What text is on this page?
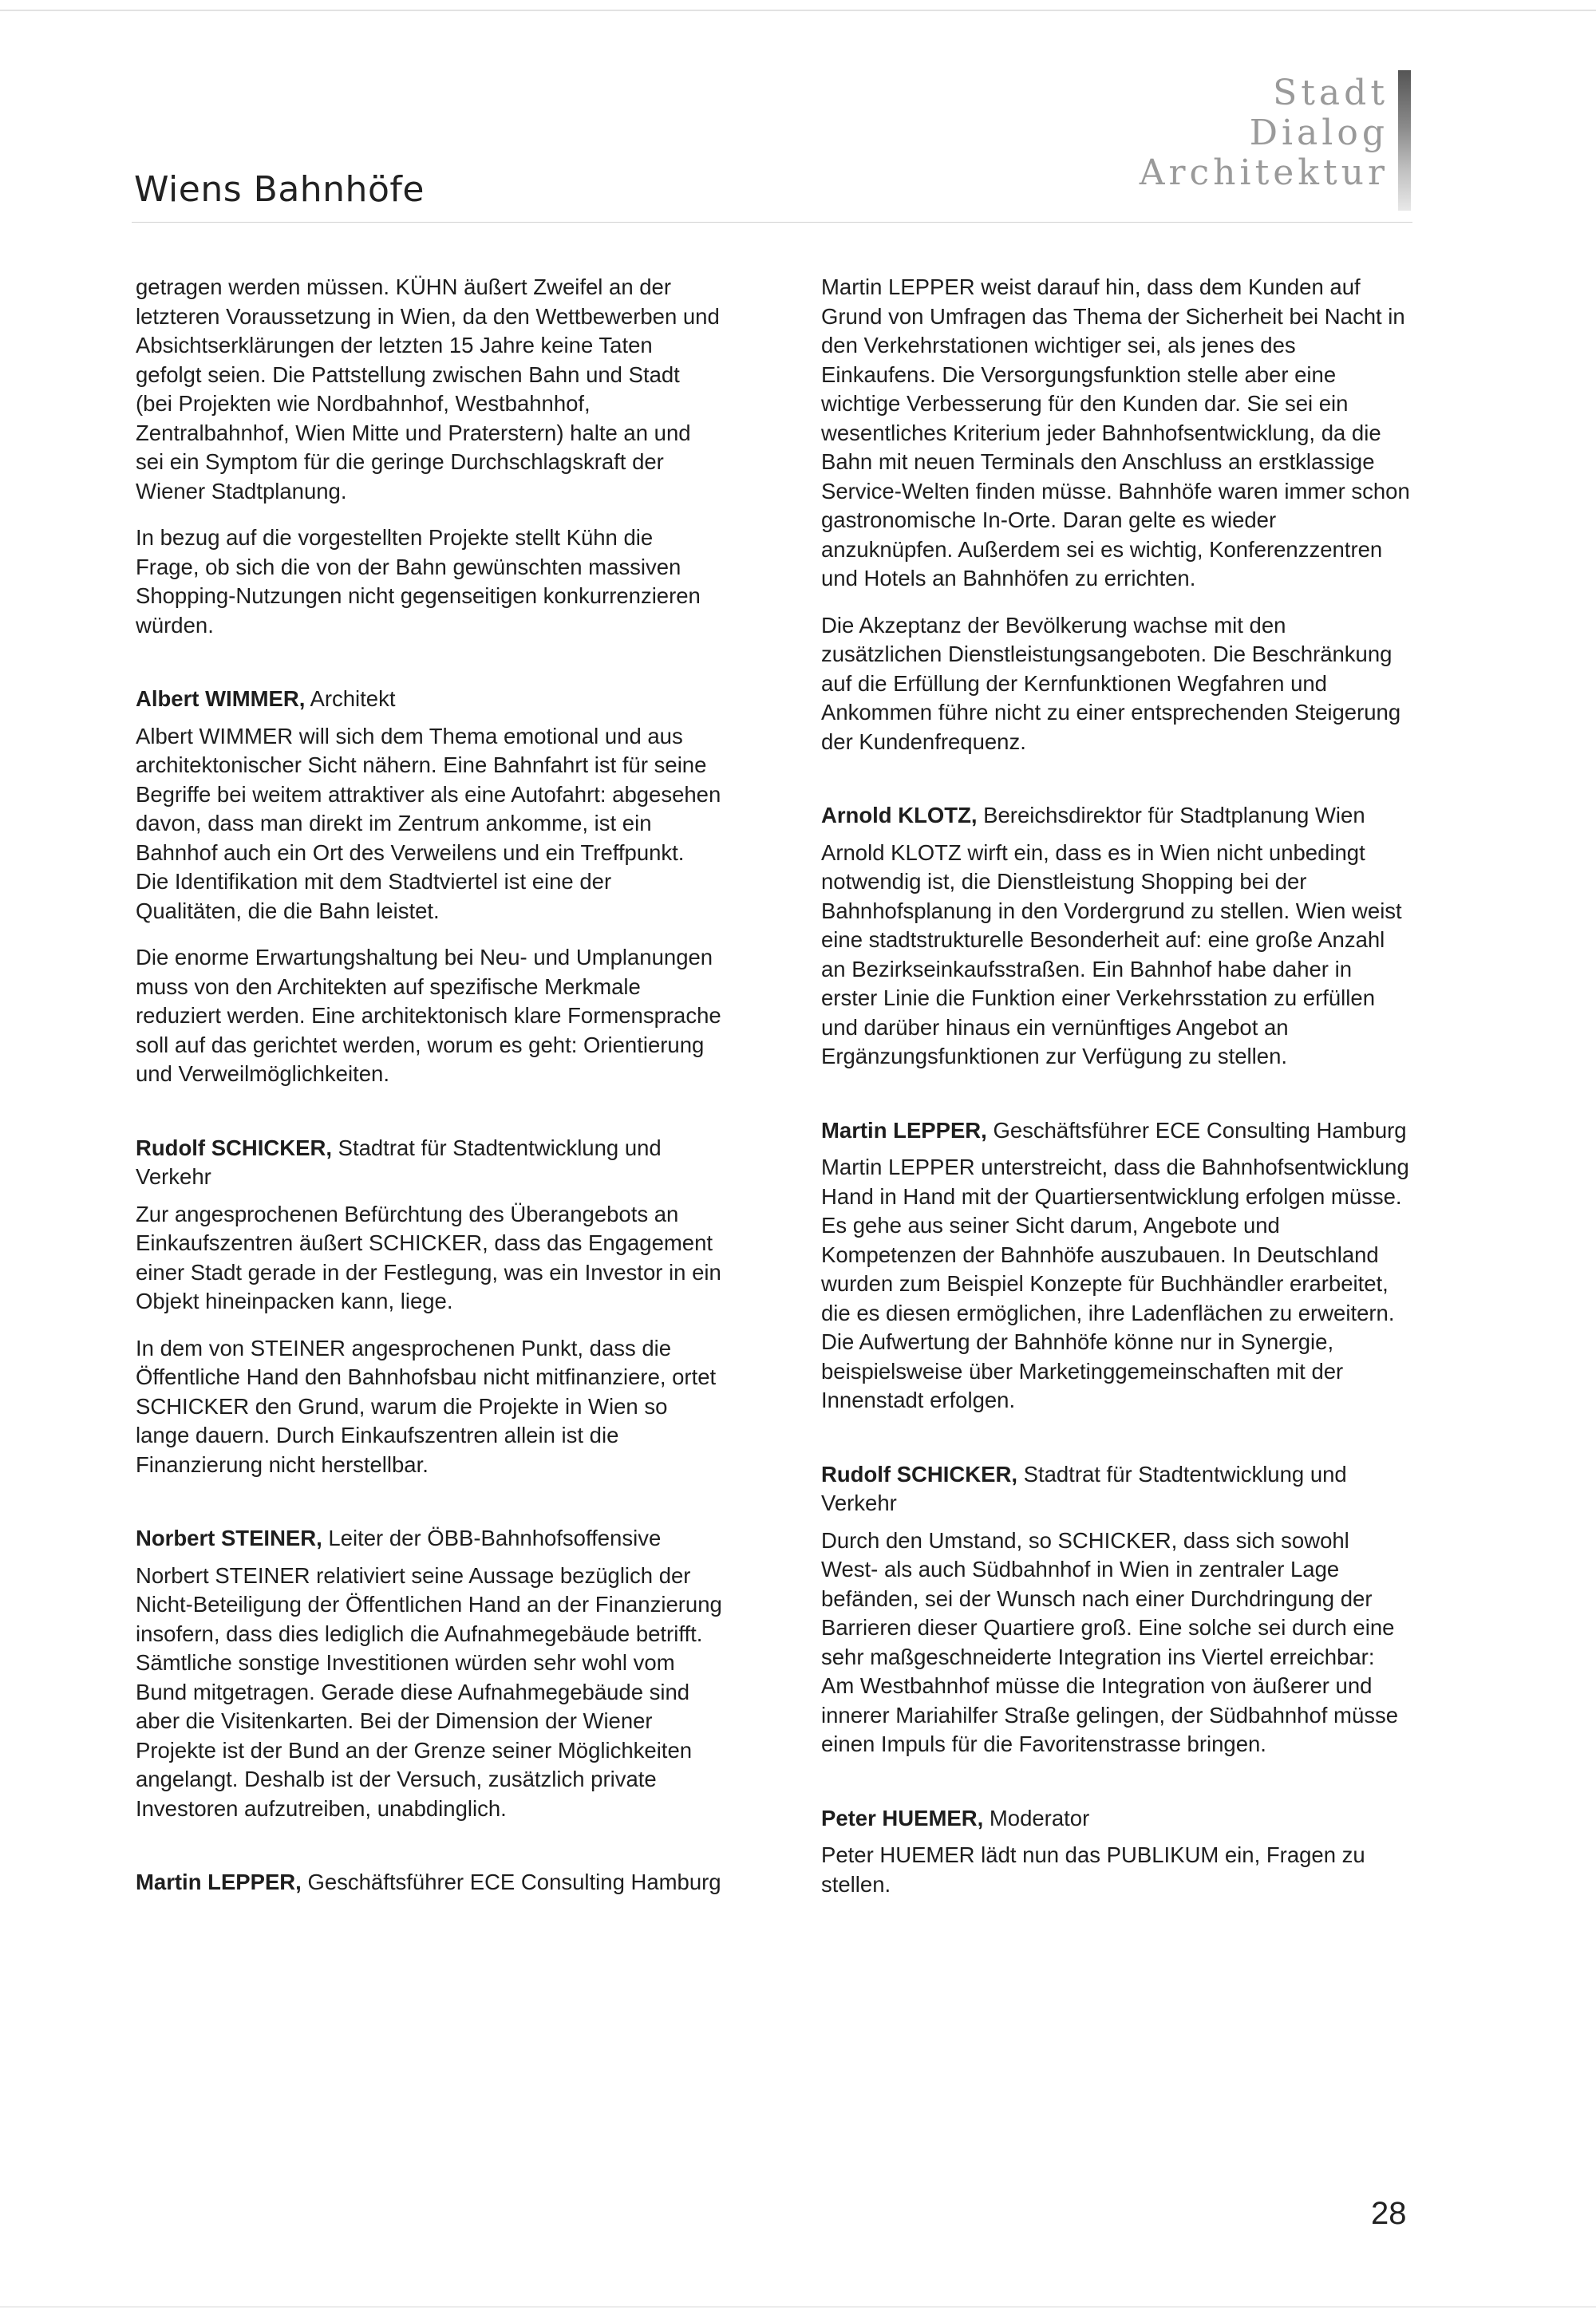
Wiens Bahnhöfe
Stadt
Dialog
Architektur

getragen werden müssen. KÜHN äußert Zweifel an der letzteren Voraussetzung in Wien, da den Wettbewerben und Absichtserklärungen der letzten 15 Jahre keine Taten gefolgt seien. Die Pattstellung zwischen Bahn und Stadt (bei Projekten wie Nordbahnhof, Westbahnhof, Zentralbahnhof, Wien Mitte und Praterstern) halte an und sei ein Symptom für die geringe Durchschlagskraft der Wiener Stadtplanung.

In bezug auf die vorgestellten Projekte stellt Kühn die Frage, ob sich die von der Bahn gewünschten massiven Shopping-Nutzungen nicht gegenseitigen konkurrenzieren würden.

Albert WIMMER, Architekt

Albert WIMMER will sich dem Thema emotional und aus architektonischer Sicht nähern. Eine Bahnfahrt ist für seine Begriffe bei weitem attraktiver als eine Autofahrt: abgesehen davon, dass man direkt im Zentrum ankomme, ist ein Bahnhof auch ein Ort des Verweilens und ein Treffpunkt. Die Identifikation mit dem Stadtviertel ist eine der Qualitäten, die die Bahn leistet.

Die enorme Erwartungshaltung bei Neu- und Umplanungen muss von den Architekten auf spezifische Merkmale reduziert werden. Eine architektonisch klare Formensprache soll auf das gerichtet werden, worum es geht: Orientierung und Verweilmöglichkeiten.

Rudolf SCHICKER, Stadtrat für Stadtentwicklung und Verkehr

Zur angesprochenen Befürchtung des Überangebots an Einkaufszentren äußert SCHICKER, dass das Engagement einer Stadt gerade in der Festlegung, was ein Investor in ein Objekt hineinpacken kann, liege.

In dem von STEINER angesprochenen Punkt, dass die Öffentliche Hand den Bahnhofsbau nicht mitfinanziere, ortet SCHICKER den Grund, warum die Projekte in Wien so lange dauern. Durch Einkaufszentren allein ist die Finanzierung nicht herstellbar.

Norbert STEINER, Leiter der ÖBB-Bahnhofsoffensive

Norbert STEINER relativiert seine Aussage bezüglich der Nicht-Beteiligung der Öffentlichen Hand an der Finanzierung insofern, dass dies lediglich die Aufnahmegebäude betrifft. Sämtliche sonstige Investitionen würden sehr wohl vom Bund mitgetragen. Gerade diese Aufnahmegebäude sind aber die Visitenkarten. Bei der Dimension der Wiener Projekte ist der Bund an der Grenze seiner Möglichkeiten angelangt. Deshalb ist der Versuch, zusätzlich private Investoren aufzutreiben, unabdinglich.

Martin LEPPER, Geschäftsführer ECE Consulting Hamburg

Martin LEPPER weist darauf hin, dass dem Kunden auf Grund von Umfragen das Thema der Sicherheit bei Nacht in den Verkehrstationen wichtiger sei, als jenes des Einkaufens. Die Versorgungsfunktion stelle aber eine wichtige Verbesserung für den Kunden dar. Sie sei ein wesentliches Kriterium jeder Bahnhofsentwicklung, da die Bahn mit neuen Terminals den Anschluss an erstklassige Service-Welten finden müsse. Bahnhöfe waren immer schon gastronomische In-Orte. Daran gelte es wieder anzuknüpfen. Außerdem sei es wichtig, Konferenzzentren und Hotels an Bahnhöfen zu errichten.

Die Akzeptanz der Bevölkerung wachse mit den zusätzlichen Dienstleistungsangeboten. Die Beschränkung auf die Erfüllung der Kernfunktionen Wegfahren und Ankommen führe nicht zu einer entsprechenden Steigerung der Kundenfrequenz.

Arnold KLOTZ, Bereichsdirektor für Stadtplanung Wien

Arnold KLOTZ wirft ein, dass es in Wien nicht unbedingt notwendig ist, die Dienstleistung Shopping bei der Bahnhofsplanung in den Vordergrund zu stellen. Wien weist eine stadtstrukturelle Besonderheit auf: eine große Anzahl an Bezirkseinkaufsstraßen. Ein Bahnhof habe daher in erster Linie die Funktion einer Verkehrsstation zu erfüllen und darüber hinaus ein vernünftiges Angebot an Ergänzungsfunktionen zur Verfügung zu stellen.

Martin LEPPER, Geschäftsführer ECE Consulting Hamburg

Martin LEPPER unterstreicht, dass die Bahnhofsentwicklung Hand in Hand mit der Quartiersentwicklung erfolgen müsse. Es gehe aus seiner Sicht darum, Angebote und Kompetenzen der Bahnhöfe auszubauen. In Deutschland wurden zum Beispiel Konzepte für Buchhändler erarbeitet, die es diesen ermöglichen, ihre Ladenflächen zu erweitern. Die Aufwertung der Bahnhöfe könne nur in Synergie, beispielsweise über Marketinggemeinschaften mit der Innenstadt erfolgen.

Rudolf SCHICKER, Stadtrat für Stadtentwicklung und Verkehr

Durch den Umstand, so SCHICKER, dass sich sowohl West- als auch Südbahnhof in Wien in zentraler Lage befänden, sei der Wunsch nach einer Durchdringung der Barrieren dieser Quartiere groß. Eine solche sei durch eine sehr maßgeschneiderte Integration ins Viertel erreichbar: Am Westbahnhof müsse die Integration von äußerer und innerer Mariahilfer Straße gelingen, der Südbahnhof müsse einen Impuls für die Favoritenstrasse bringen.

Peter HUEMER, Moderator

Peter HUEMER lädt nun das PUBLIKUM ein, Fragen zu stellen.

28
